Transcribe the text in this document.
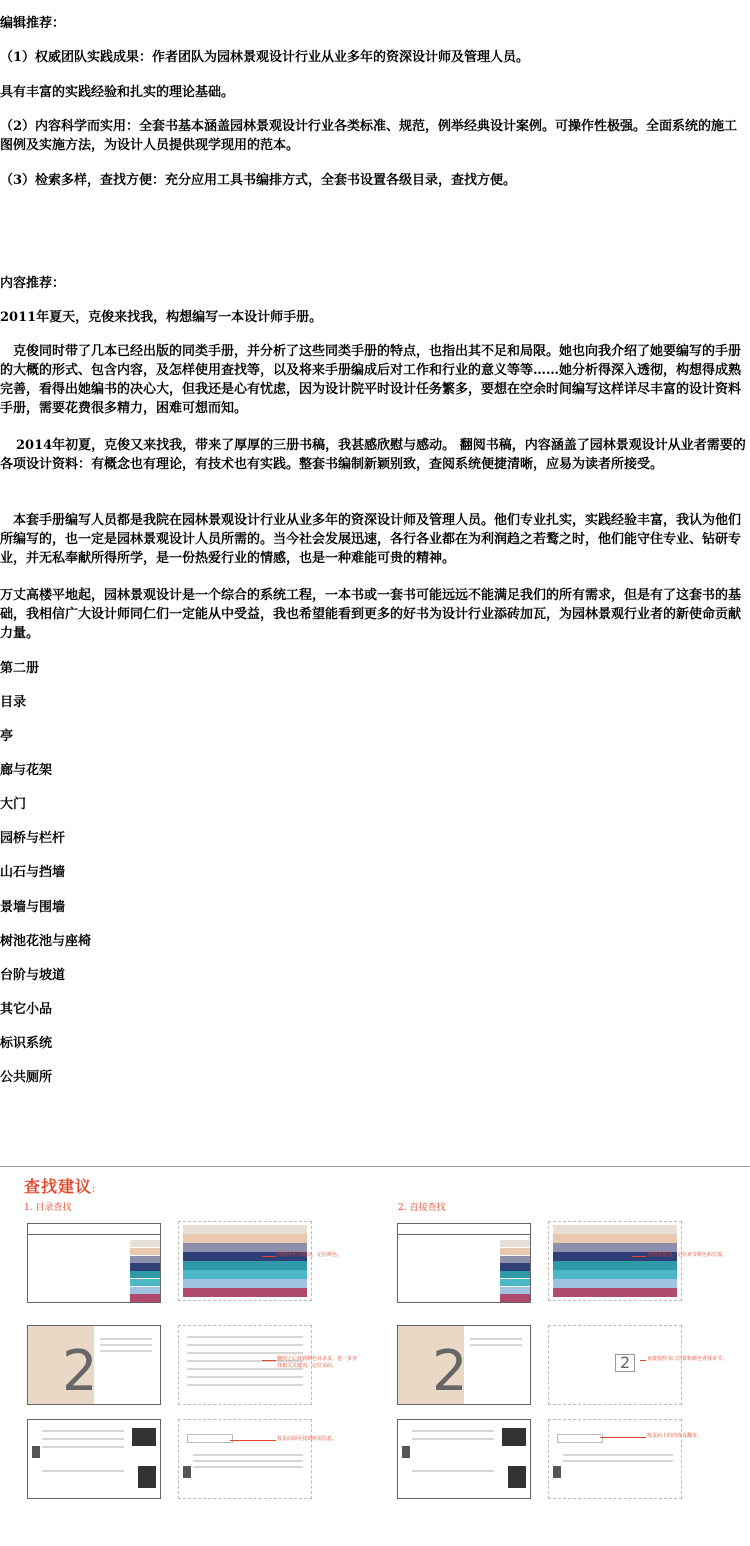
编辑推荐：

（1）权威团队实践成果：作者团队为园林景观设计行业从业多年的资深设计师及管理人员。

具有丰富的实践经验和扎实的理论基础。

（2）内容科学而实用：全套书基本涵盖园林景观设计行业各类标准、规范，例举经典设计案例。可操作性极强。全面系统的施工图例及实施方法，为设计人员提供现学现用的范本。

（3）检索多样，查找方便：充分应用工具书编排方式，全套书设置各级目录，查找方便。

内容推荐：

2011年夏天，克俊来找我，构想编写一本设计师手册。

克俊同时带了几本已经出版的同类手册，并分析了这些同类手册的特点，也指出其不足和局限。她也向我介绍了她要编写的手册的大概的形式、包含内容，及怎样使用查找等，以及将来手册编成后对工作和行业的意义等等……她分析得深入透彻，构想得成熟完善，看得出她编书的决心大，但我还是心有忧虑，因为设计院平时设计任务繁多，要想在空余时间编写这样详尽丰富的设计资料手册，需要花费很多精力，困难可想而知。

2014年初夏，克俊又来找我，带来了厚厚的三册书稿，我甚感欣慰与感动。 翻阅书稿，内容涵盖了园林景观设计从业者需要的各项设计资料：有概念也有理论，有技术也有实践。整套书编制新颖别致，查阅系统便捷清晰，应易为读者所接受。

本套手册编写人员都是我院在园林景观设计行业从业多年的资深设计师及管理人员。他们专业扎实，实践经验丰富，我认为他们所编写的，也一定是园林景观设计人员所需的。当今社会发展迅速，各行各业都在为利润趋之若鹜之时，他们能守住专业、钻研专业，并无私奉献所得所学，是一份热爱行业的情感，也是一种难能可贵的精神。

万丈高楼平地起，园林景观设计是一个综合的系统工程，一本书或一套书可能远远不能满足我们的所有需求，但是有了这套书的基础，我相信广大设计师同仁们一定能从中受益，我也希望能看到更多的好书为设计行业添砖加瓦，为园林景观行业者的新使命贡献力量。

第二册

目录

亭

廊与花架

大门

园桥与栏杆

山石与挡墙

景墙与围墙

树池花池与座椅

台阶与坡道

其它小品

标识系统

公共厕所

查找建议:
1. 目录查找	2. 直接查找
找到所需关键词，记住颜色。
2	翻到之后找到颜色目录页，进一步查找相关关键词，记住页码。
按页码即可找到所需信息。
找到关键词，记住章节颜色和位置。
2	2	直接按照书口位置和颜色查找章节。
按页码上的内容页翻查。
